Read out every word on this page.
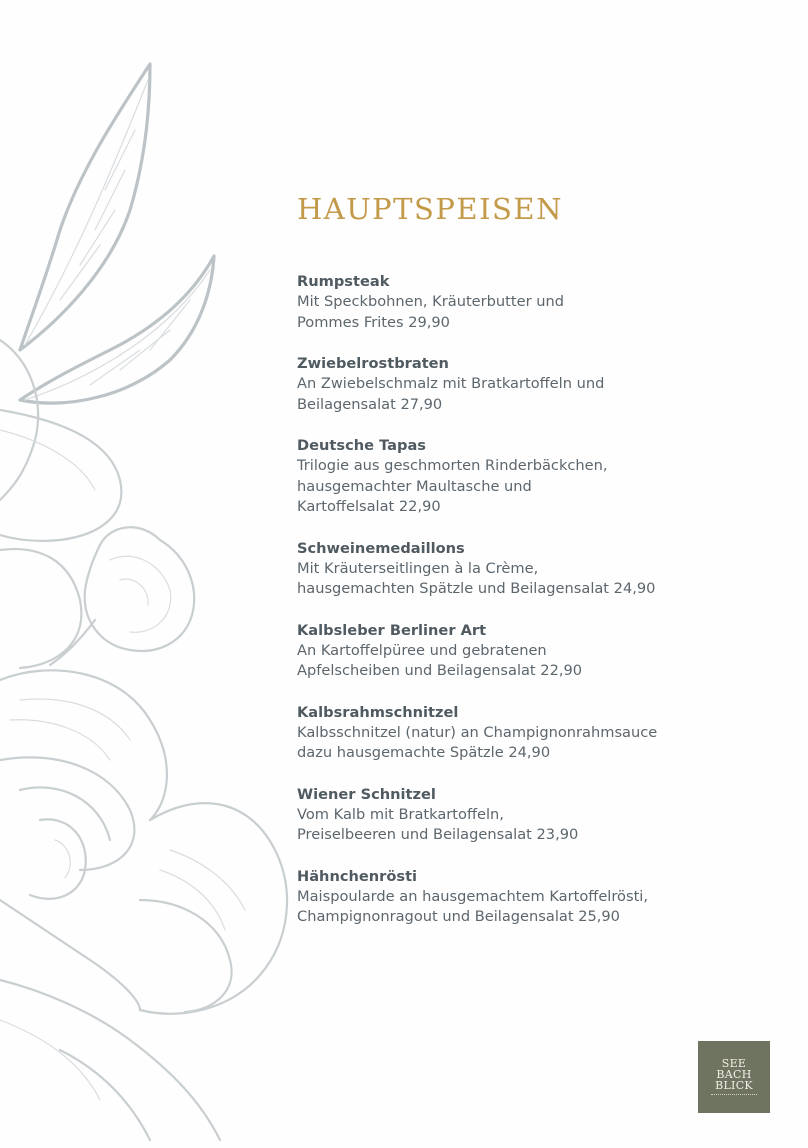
HAUPTSPEISEN
Rumpsteak
Mit Speckbohnen, Kräuterbutter und
Pommes Frites 29,90
Zwiebelrostbraten
An Zwiebelschmalz mit Bratkartoffeln und
Beilagensalat 27,90
Deutsche Tapas
Trilogie aus geschmorten Rinderbäckchen,
hausgemachter Maultasche und
Kartoffelsalat 22,90
Schweinemedaillons
Mit Kräuterseitlingen à la Crème,
hausgemachten Spätzle und Beilagensalat 24,90
Kalbsleber Berliner Art
An Kartoffelpüree und gebratenen
Apfelscheiben und Beilagensalat 22,90
Kalbsrahmschnitzel
Kalbsschnitzel (natur) an Champignonrahmsauce
dazu hausgemachte Spätzle 24,90
Wiener Schnitzel
Vom Kalb mit Bratkartoffeln,
Preiselbeeren und Beilagensalat 23,90
Hähnchenrösti
Maispoularde an hausgemachtem Kartoffelrösti,
Champignonragout und Beilagensalat 25,90
SEE
BACH
BLICK
